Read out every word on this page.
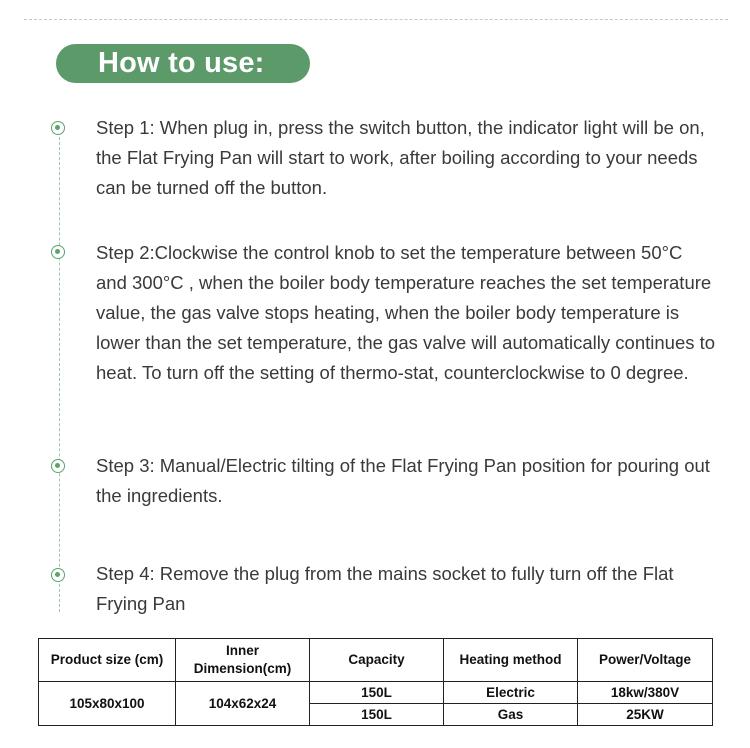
How to use:

Step 1: When plug in, press the switch button, the indicator light will be on, the Flat Frying Pan will start to work, after boiling according to your needs can be turned off the button.

Step 2:Clockwise the control knob to set the temperature between 50°C and 300°C , when the boiler body temperature reaches the set temperature value, the gas valve stops heating, when the boiler body temperature is lower than the set temperature, the gas valve will automatically continues to heat. To turn off the setting of thermo-stat, counterclockwise to 0 degree.

Step 3: Manual/Electric tilting of the Flat Frying Pan position for pouring out the ingredients.

Step 4: Remove the plug from the mains socket to fully turn off the Flat Frying Pan

Product size (cm)	Inner Dimension(cm)	Capacity	Heating method	Power/Voltage
105x80x100	104x62x24	150L	Electric	18kw/380V
		150L	Gas	25KW
